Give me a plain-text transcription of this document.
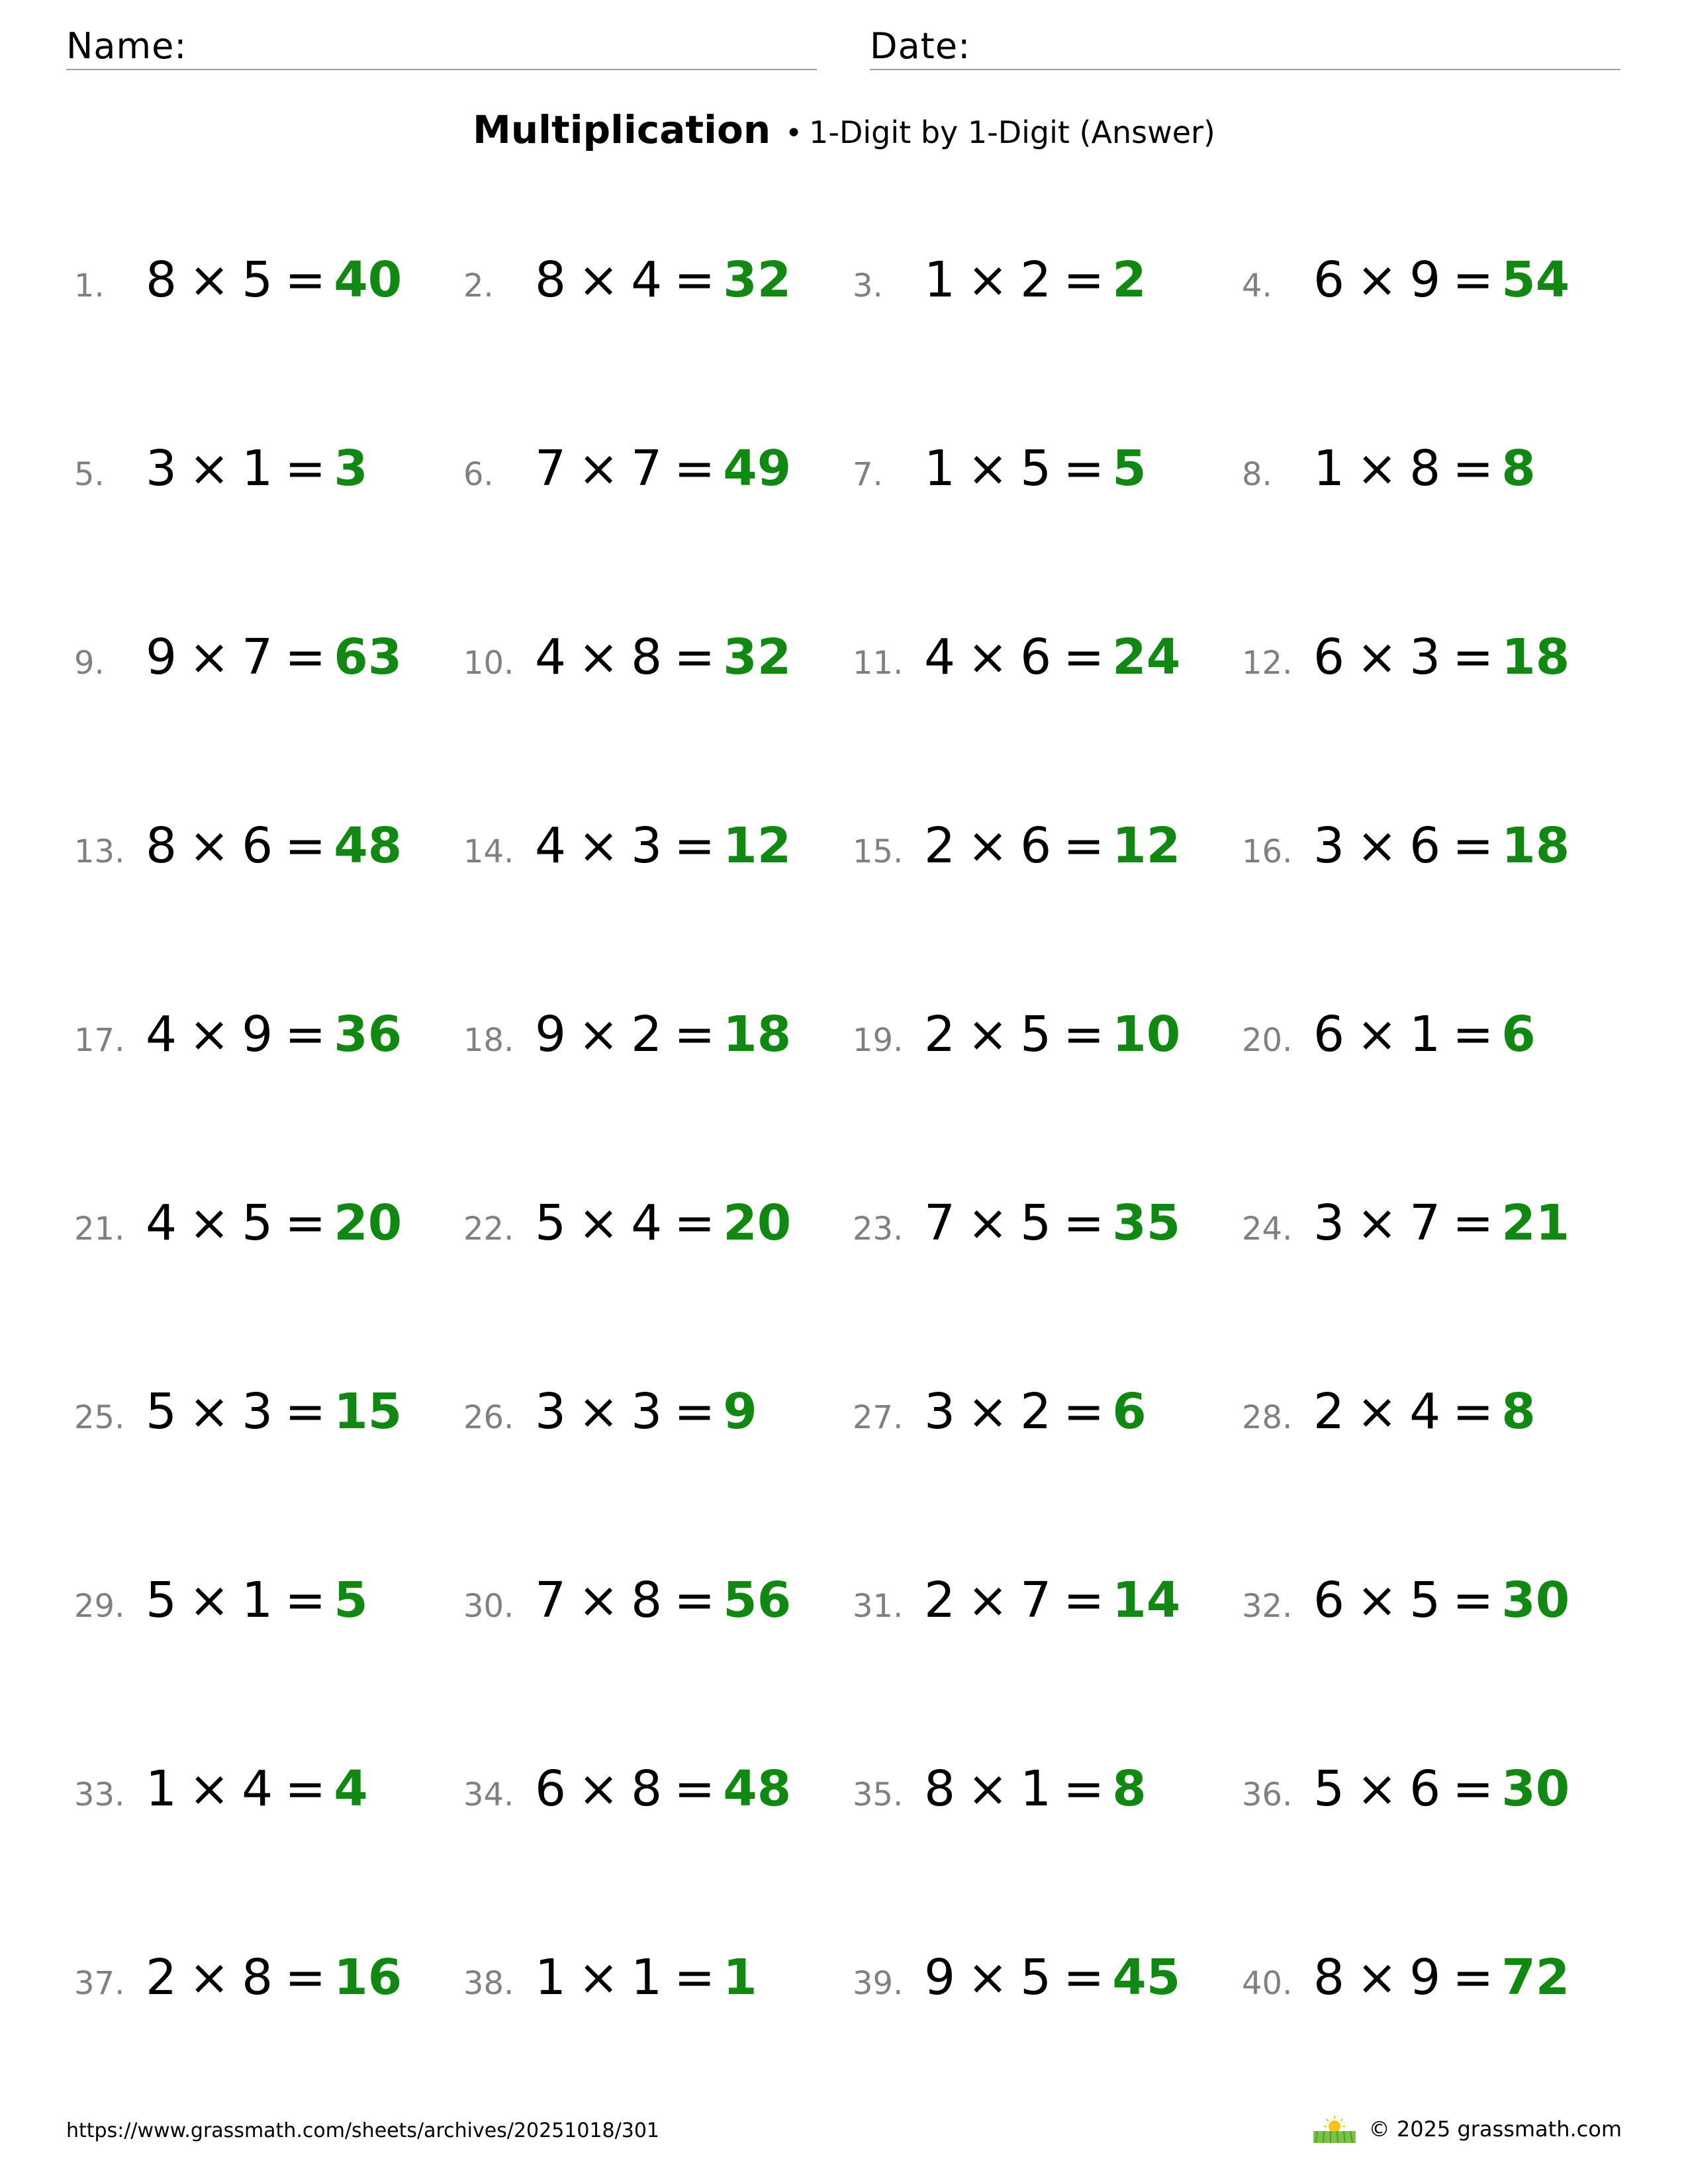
Name:	Date:
Multiplication • 1-Digit by 1-Digit (Answer)
1. 8 × 5 = 40 2. 8 × 4 = 32 3. 1 × 2 = 2	4. 6 × 9 = 54
5. 3 × 1 = 3	6. 7 × 7 = 49 7. 1 × 5 = 5	8. 1 × 8 = 8
9. 9 × 7 = 63 10. 4 × 8 = 32 11. 4 × 6 = 24 12. 6 × 3 = 18
13. 8 × 6 = 48 14. 4 × 3 = 12 15. 2 × 6 = 12 16. 3 × 6 = 18
17. 4 × 9 = 36 18. 9 × 2 = 18 19. 2 × 5 = 10 20. 6 × 1 = 6
21. 4 × 5 = 20 22. 5 × 4 = 20 23. 7 × 5 = 35 24. 3 × 7 = 21
25. 5 × 3 = 15 26. 3 × 3 = 9	27. 3 × 2 = 6	28. 2 × 4 = 8
29. 5 × 1 = 5	30. 7 × 8 = 56 31. 2 × 7 = 14 32. 6 × 5 = 30
33. 1 × 4 = 4	34. 6 × 8 = 48 35. 8 × 1 = 8	36. 5 × 6 = 30
37. 2 × 8 = 16 38. 1 × 1 = 1	39. 9 × 5 = 45 40. 8 × 9 = 72
https://www.grassmath.com/sheets/archives/20251018/301	© 2025 grassmath.com
